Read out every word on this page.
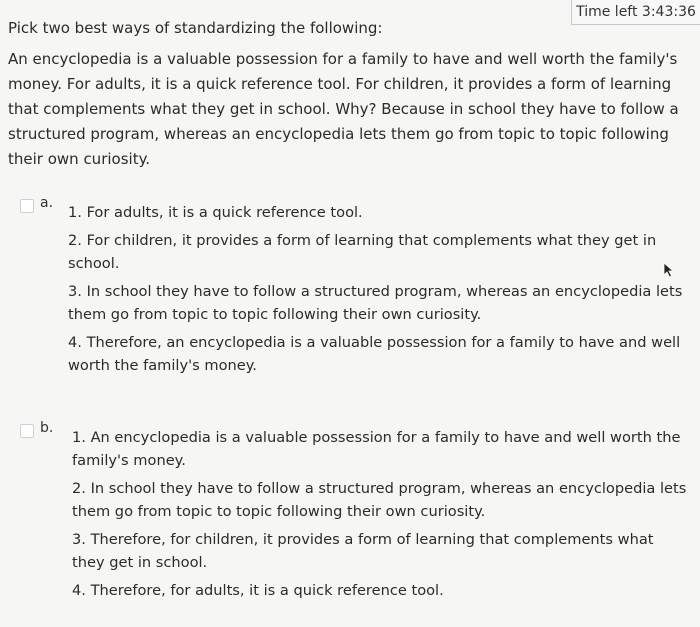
Time left 3:43:36

Pick two best ways of standardizing the following:

An encyclopedia is a valuable possession for a family to have and well worth the family's money. For adults, it is a quick reference tool. For children, it provides a form of learning that complements what they get in school. Why? Because in school they have to follow a structured program, whereas an encyclopedia lets them go from topic to topic following their own curiosity.

a.
1. For adults, it is a quick reference tool.
2. For children, it provides a form of learning that complements what they get in school.
3. In school they have to follow a structured program, whereas an encyclopedia lets them go from topic to topic following their own curiosity.
4. Therefore, an encyclopedia is a valuable possession for a family to have and well worth the family's money.
b.
1. An encyclopedia is a valuable possession for a family to have and well worth the family's money.
2. In school they have to follow a structured program, whereas an encyclopedia lets them go from topic to topic following their own curiosity.
3. Therefore, for children, it provides a form of learning that complements what they get in school.
4. Therefore, for adults, it is a quick reference tool.
